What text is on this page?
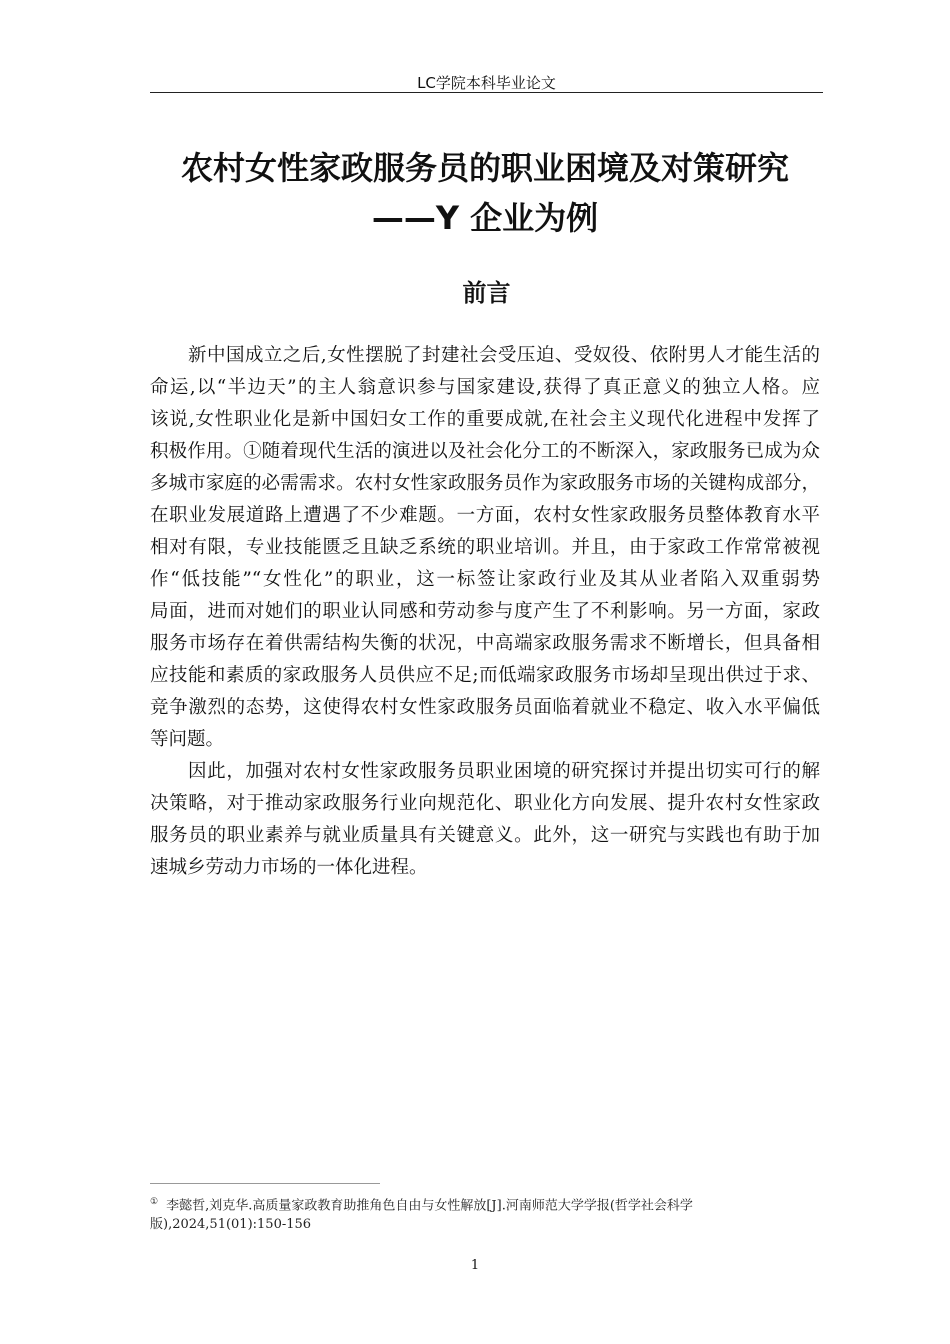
LC学院本科毕业论文
农村女性家政服务员的职业困境及对策研究
——Y 企业为例
前言
新中国成立之后,女性摆脱了封建社会受压迫、受奴役、依附男人才能生活的
命运,以“半边天”的主人翁意识参与国家建设,获得了真正意义的独立人格。应
该说,女性职业化是新中国妇女工作的重要成就,在社会主义现代化进程中发挥了
积极作用。①随着现代生活的演进以及社会化分工的不断深入，家政服务已成为众
多城市家庭的必需需求。农村女性家政服务员作为家政服务市场的关键构成部分，
在职业发展道路上遭遇了不少难题。一方面，农村女性家政服务员整体教育水平
相对有限，专业技能匮乏且缺乏系统的职业培训。并且，由于家政工作常常被视
作“低技能”“女性化”的职业，这一标签让家政行业及其从业者陷入双重弱势
局面，进而对她们的职业认同感和劳动参与度产生了不利影响。另一方面，家政
服务市场存在着供需结构失衡的状况，中高端家政服务需求不断增长，但具备相
应技能和素质的家政服务人员供应不足;而低端家政服务市场却呈现出供过于求、
竞争激烈的态势，这使得农村女性家政服务员面临着就业不稳定、收入水平偏低
等问题。
因此，加强对农村女性家政服务员职业困境的研究探讨并提出切实可行的解
决策略，对于推动家政服务行业向规范化、职业化方向发展、提升农村女性家政
服务员的职业素养与就业质量具有关键意义。此外，这一研究与实践也有助于加
速城乡劳动力市场的一体化进程。
① 李懿哲,刘克华.高质量家政教育助推角色自由与女性解放[J].河南师范大学学报(哲学社会科学版),2024,51(01):150-156
1
